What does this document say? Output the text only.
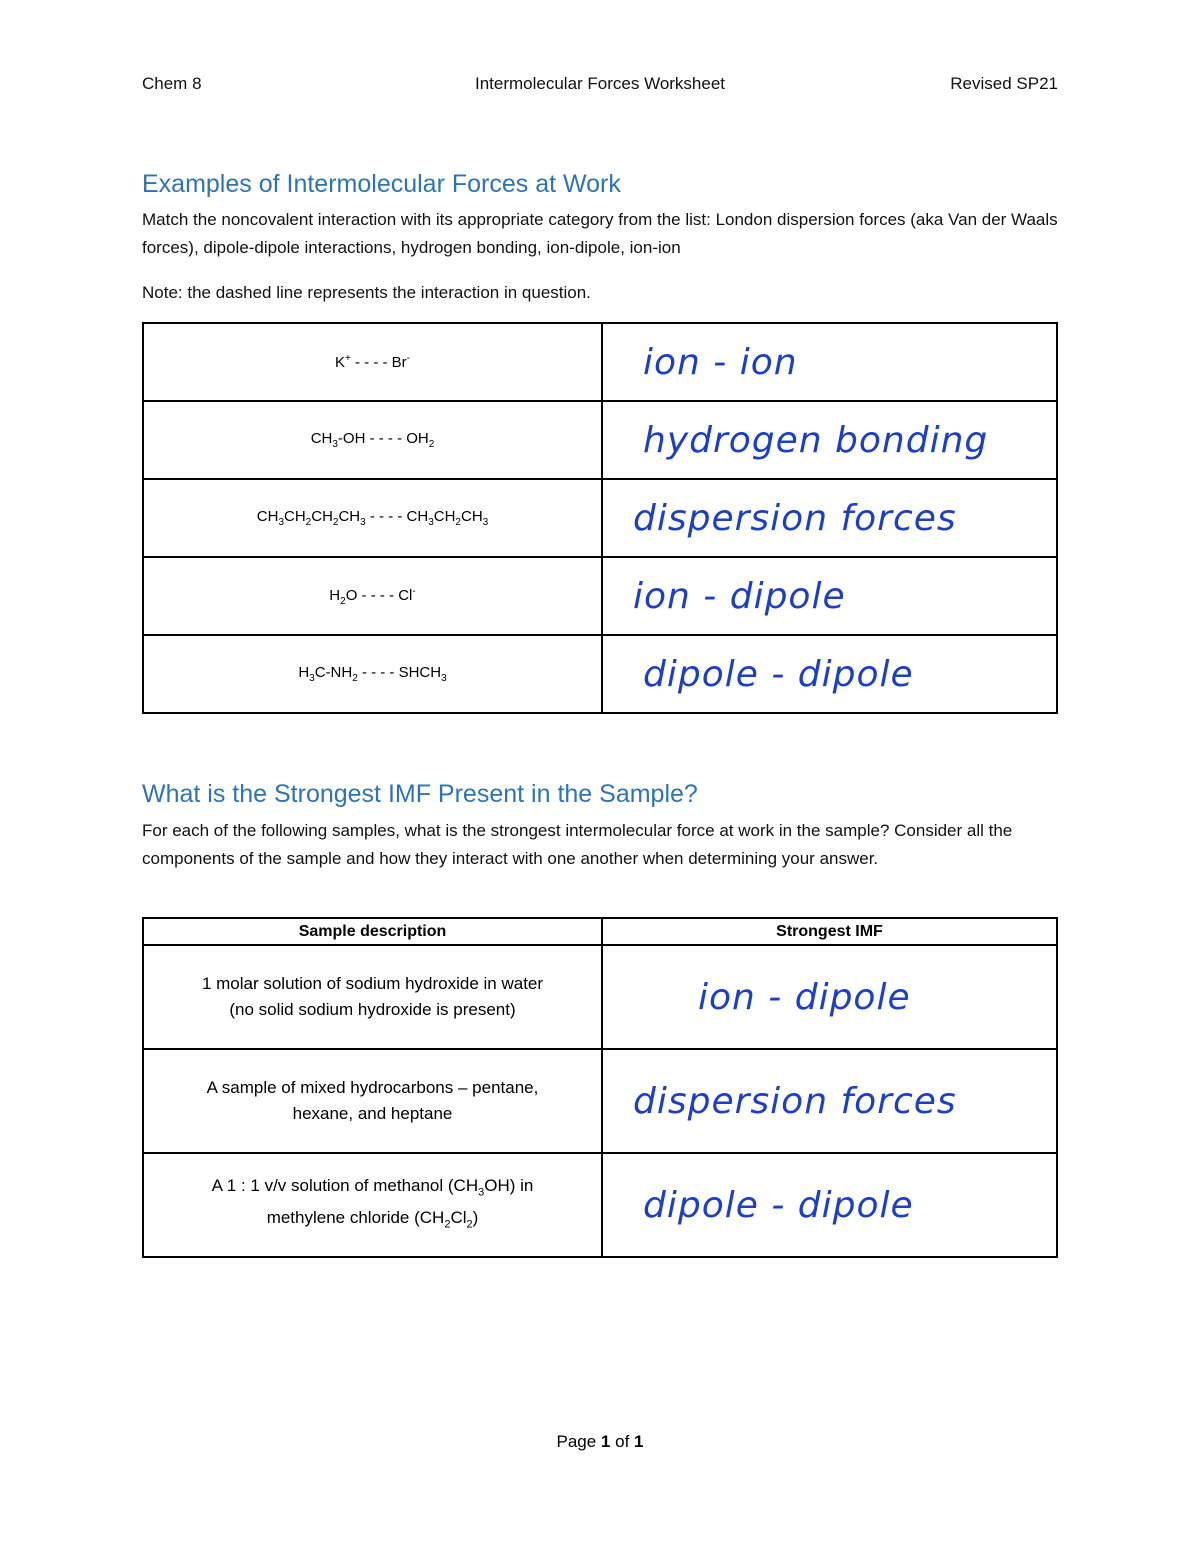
Chem 8	Intermolecular Forces Worksheet	Revised SP21
Examples of Intermolecular Forces at Work

Match the noncovalent interaction with its appropriate category from the list: London dispersion forces (aka Van der Waals forces), dipole-dipole interactions, hydrogen bonding, ion-dipole, ion-ion

Note: the dashed line represents the interaction in question.

K+ - - - - Br-	ion - ion
$CH_3-OH$ - - - - $OH_2$	hydrogen bonding
$CH_3CH_2CH_2CH_3$ - - - - $CH_3CH_2CH_3$	dispersion forces
$H_2O$ - - - - Cl-	ion - dipole
$H_3C-NH_2$ - - - - $SHCH_3$	dipole - dipole
What is the Strongest IMF Present in the Sample?

For each of the following samples, what is the strongest intermolecular force at work in the sample? Consider all the components of the sample and how they interact with one another when determining your answer.

Sample description	Strongest IMF
1 molar solution of sodium hydroxide in water
(no solid sodium hydroxide is present)	ion - dipole
A sample of mixed hydrocarbons – pentane,
hexane, and heptane	dispersion forces
A 1 : 1 v/v solution of methanol $(CH_3OH)$ in
methylene chloride $(CH_2Cl_2)$	dipole - dipole
Page 1 of 1
